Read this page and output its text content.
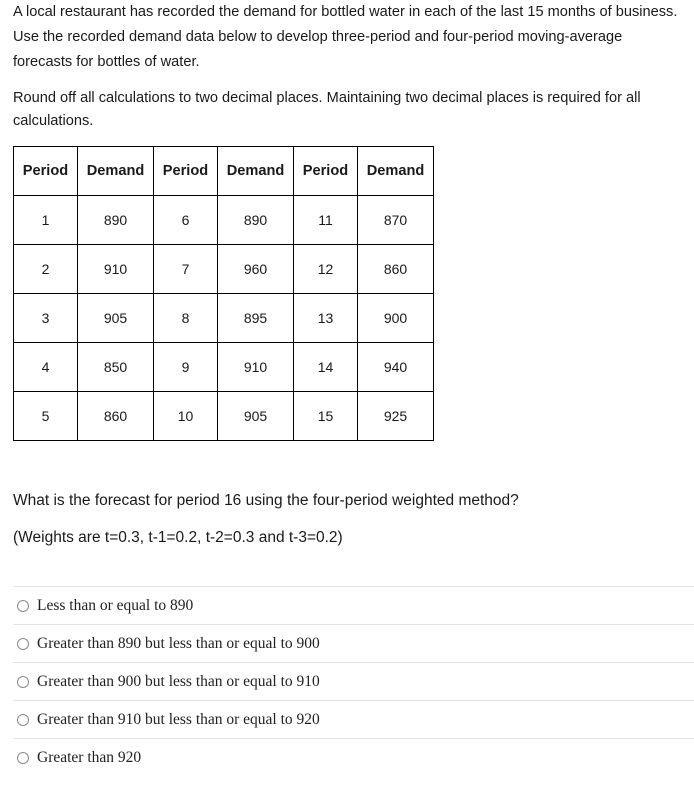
A local restaurant has recorded the demand for bottled water in each of the last 15 months of business. Use the recorded demand data below to develop three-period and four-period moving-average forecasts for bottles of water.

Round off all calculations to two decimal places. Maintaining two decimal places is required for all calculations.

Period	Demand	Period	Demand	Period	Demand
1	890	6	890	11	870
2	910	7	960	12	860
3	905	8	895	13	900
4	850	9	910	14	940
5	860	10	905	15	925

What is the forecast for period 16 using the four-period weighted method?

(Weights are t=0.3, t-1=0.2, t-2=0.3 and t-3=0.2)

Less than or equal to 890
Greater than 890 but less than or equal to 900
Greater than 900 but less than or equal to 910
Greater than 910 but less than or equal to 920
Greater than 920
